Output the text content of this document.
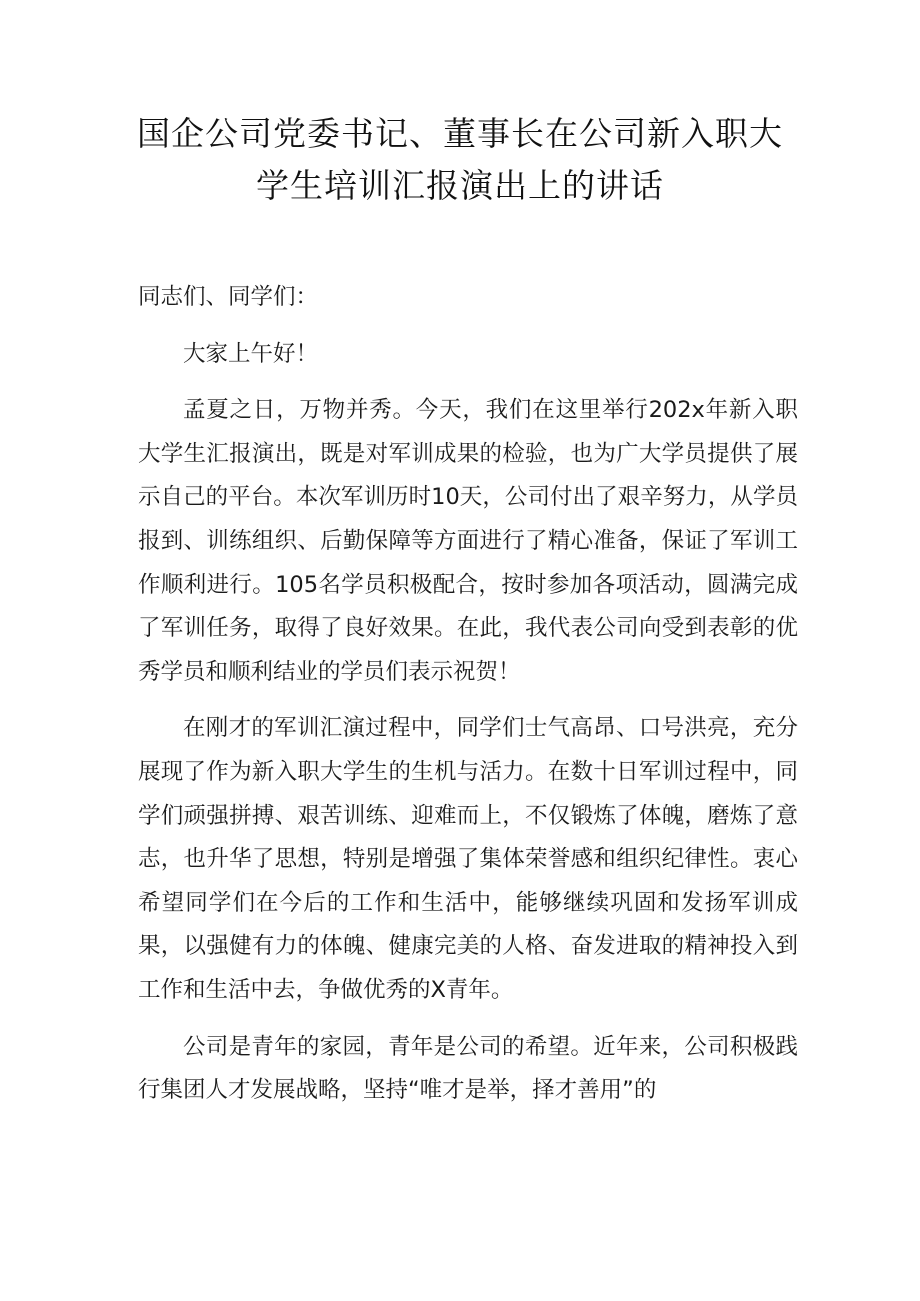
国企公司党委书记、董事长在公司新入职大
学生培训汇报演出上的讲话

同志们、同学们：

大家上午好！

孟夏之日，万物并秀。今天，我们在这里举行202x年新入职大学生汇报演出，既是对军训成果的检验，也为广大学员提供了展示自己的平台。本次军训历时10天，公司付出了艰辛努力，从学员报到、训练组织、后勤保障等方面进行了精心准备，保证了军训工作顺利进行。105名学员积极配合，按时参加各项活动，圆满完成了军训任务，取得了良好效果。在此，我代表公司向受到表彰的优秀学员和顺利结业的学员们表示祝贺！

在刚才的军训汇演过程中，同学们士气高昂、口号洪亮，充分展现了作为新入职大学生的生机与活力。在数十日军训过程中，同学们顽强拼搏、艰苦训练、迎难而上，不仅锻炼了体魄，磨炼了意志，也升华了思想，特别是增强了集体荣誉感和组织纪律性。衷心希望同学们在今后的工作和生活中，能够继续巩固和发扬军训成果，以强健有力的体魄、健康完美的人格、奋发进取的精神投入到工作和生活中去，争做优秀的X青年。

公司是青年的家园，青年是公司的希望。近年来，公司积极践行集团人才发展战略，坚持“唯才是举，择才善用”的
